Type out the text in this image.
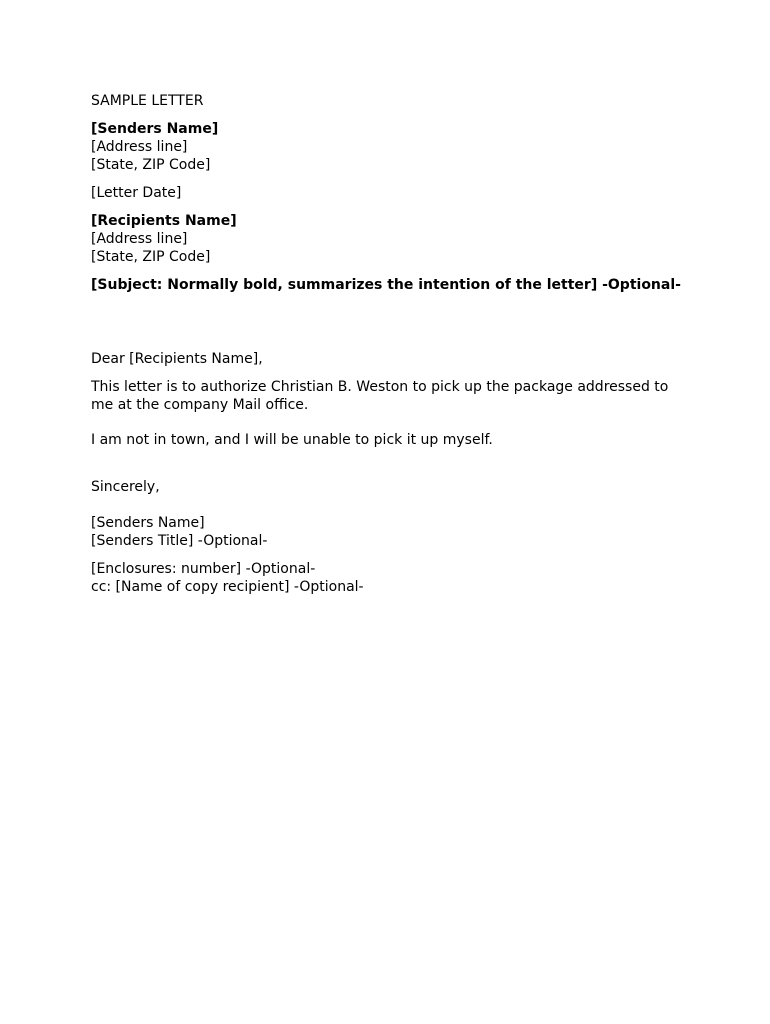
SAMPLE LETTER

[Senders Name]

[Address line]

[State, ZIP Code]

[Letter Date]

[Recipients Name]

[Address line]

[State, ZIP Code]

[Subject: Normally bold, summarizes the intention of the letter] -Optional-

Dear [Recipients Name],

This letter is to authorize Christian B. Weston to pick up the package addressed to me at the company Mail office.

I am not in town, and I will be unable to pick it up myself.

Sincerely,

[Senders Name]

[Senders Title] -Optional-

[Enclosures: number] -Optional-

cc: [Name of copy recipient] -Optional-
